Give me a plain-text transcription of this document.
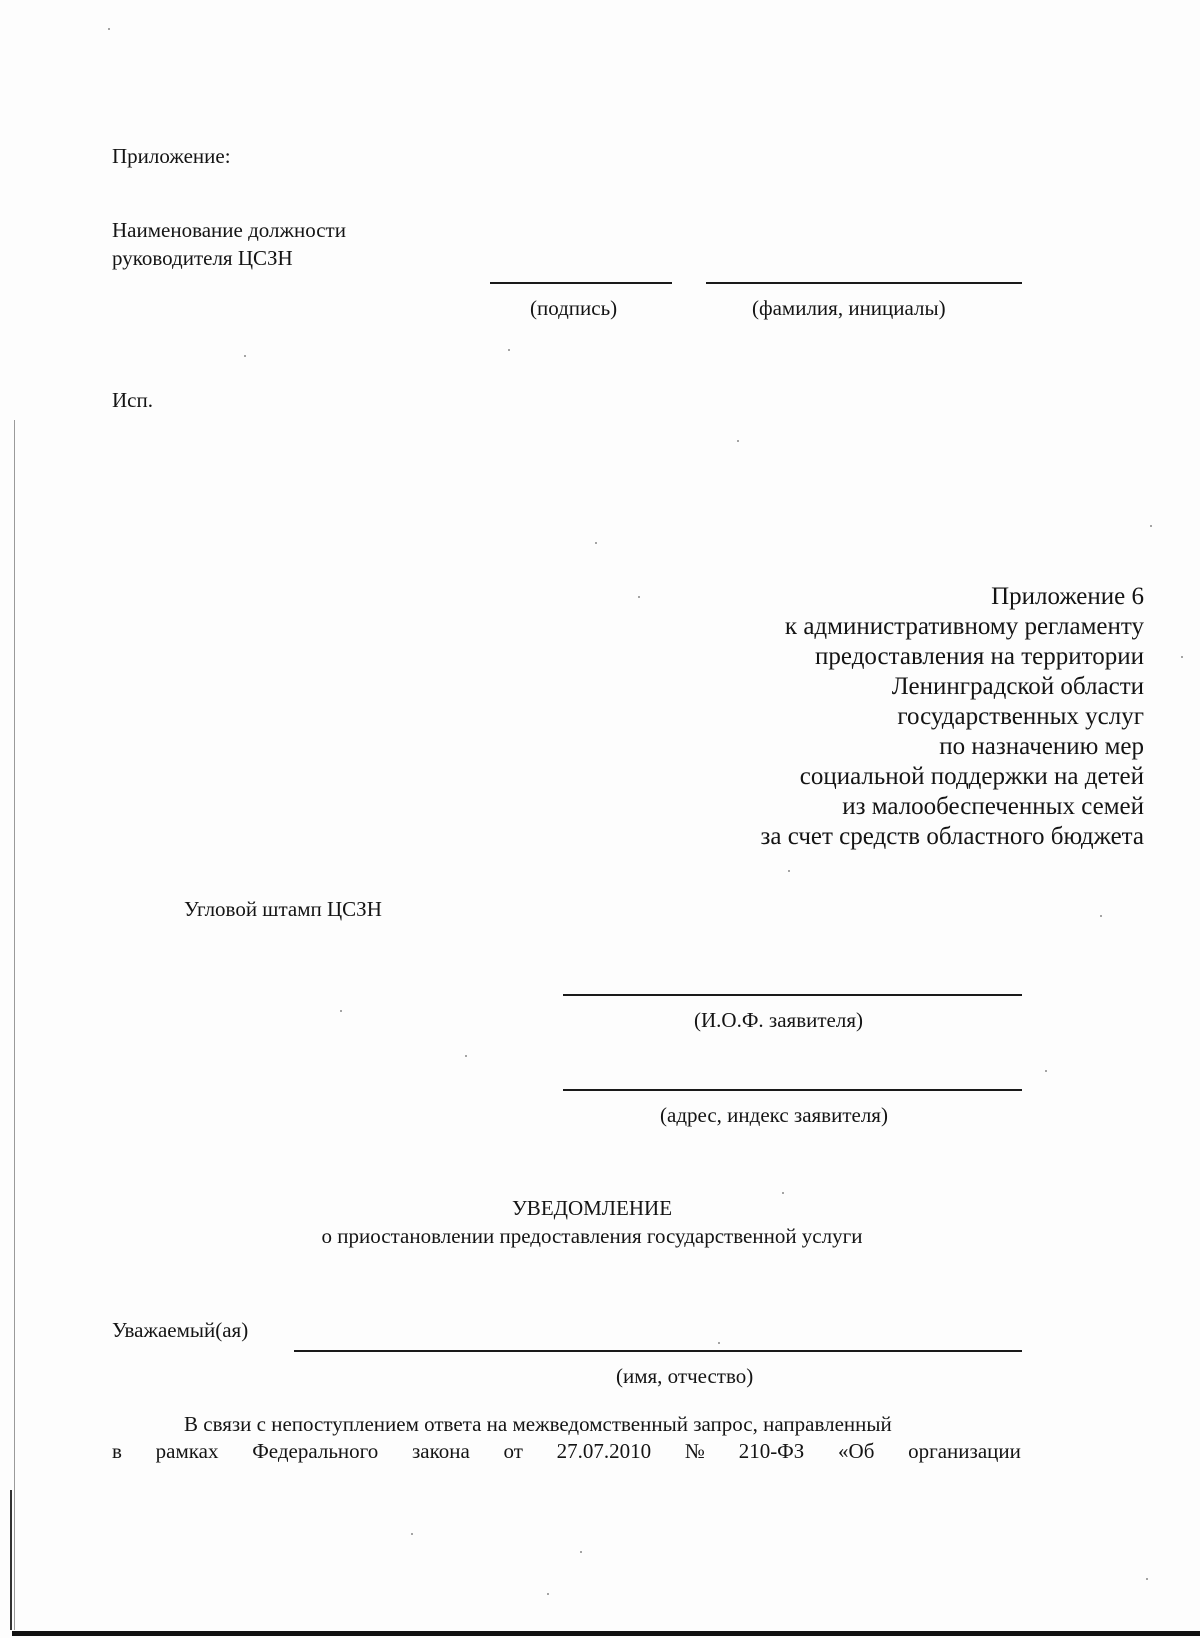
Приложение:
Наименование должности
руководителя ЦСЗН
(подпись)	(фамилия, инициалы)
Исп.
Приложение 6
к административному регламенту
предоставления на территории
Ленинградской области
государственных услуг
по назначению мер
социальной поддержки на детей
из малообеспеченных семей
за счет средств областного бюджета
Угловой штамп ЦСЗН
(И.О.Ф. заявителя)
(адрес, индекс заявителя)
УВЕДОМЛЕНИЕ
о приостановлении предоставления государственной услуги
Уважаемый(ая)
(имя, отчество)
В связи с непоступлением ответа на межведомственный запрос, направленный
в рамках Федерального закона от 27.07.2010 № 210-ФЗ «Об организации
